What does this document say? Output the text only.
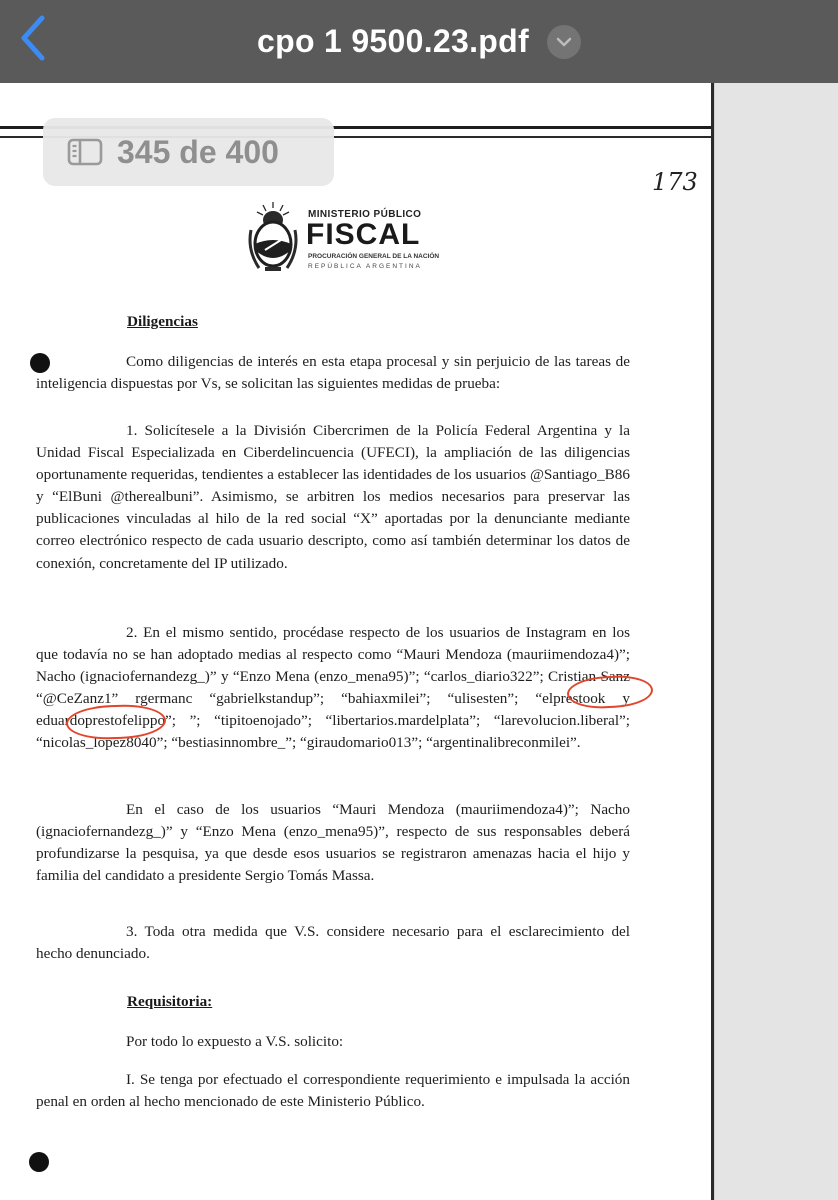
cpo 1 9500.23.pdf
345 de 400
173
MINISTERIO PÚBLICO
FISCAL
PROCURACIÓN GENERAL DE LA NACIÓN
REPÚBLICA ARGENTINA
Diligencias
Como diligencias de interés en esta etapa procesal y sin perjuicio de las tareas de inteligencia dispuestas por Vs, se solicitan las siguientes medidas de prueba:
1. Solicítesele a la División Cibercrimen de la Policía Federal Argentina y la Unidad Fiscal Especializada en Ciberdelincuencia (UFECI), la ampliación de las diligencias oportunamente requeridas, tendientes a establecer las identidades de los usuarios @Santiago_B86 y “ElBuni @therealbuni”. Asimismo, se arbitren los medios necesarios para preservar las publicaciones vinculadas al hilo de la red social “X” aportadas por la denunciante mediante correo electrónico respecto de cada usuario descripto, como así también determinar los datos de conexión, concretamente del IP utilizado.
2. En el mismo sentido, procédase respecto de los usuarios de Instagram en los que todavía no se han adoptado medias al respecto como “Mauri Mendoza (mauriimendoza4)”; Nacho (ignaciofernandezg_)” y “Enzo Mena (enzo_mena95)”; “carlos_diario322”; Cristian Sanz “@CeZanz1” rgermanc “gabrielkstandup”; “bahiaxmilei”; “ulisesten”; “elprestook y eduardoprestofelippo”; ”; “tipitoenojado”; “libertarios.mardelplata”; “larevolucion.liberal”; “nicolas_lopez8040”; “bestiasinnombre_”; “giraudomario013”; “argentinalibreconmilei”.
En el caso de los usuarios “Mauri Mendoza (mauriimendoza4)”; Nacho (ignaciofernandezg_)” y “Enzo Mena (enzo_mena95)”, respecto de sus responsables deberá profundizarse la pesquisa, ya que desde esos usuarios se registraron amenazas hacia el hijo y familia del candidato a presidente Sergio Tomás Massa.
3. Toda otra medida que V.S. considere necesario para el esclarecimiento del hecho denunciado.
Requisitoria:
Por todo lo expuesto a V.S. solicito:
I. Se tenga por efectuado el correspondiente requerimiento e impulsada la acción penal en orden al hecho mencionado de este Ministerio Público.
